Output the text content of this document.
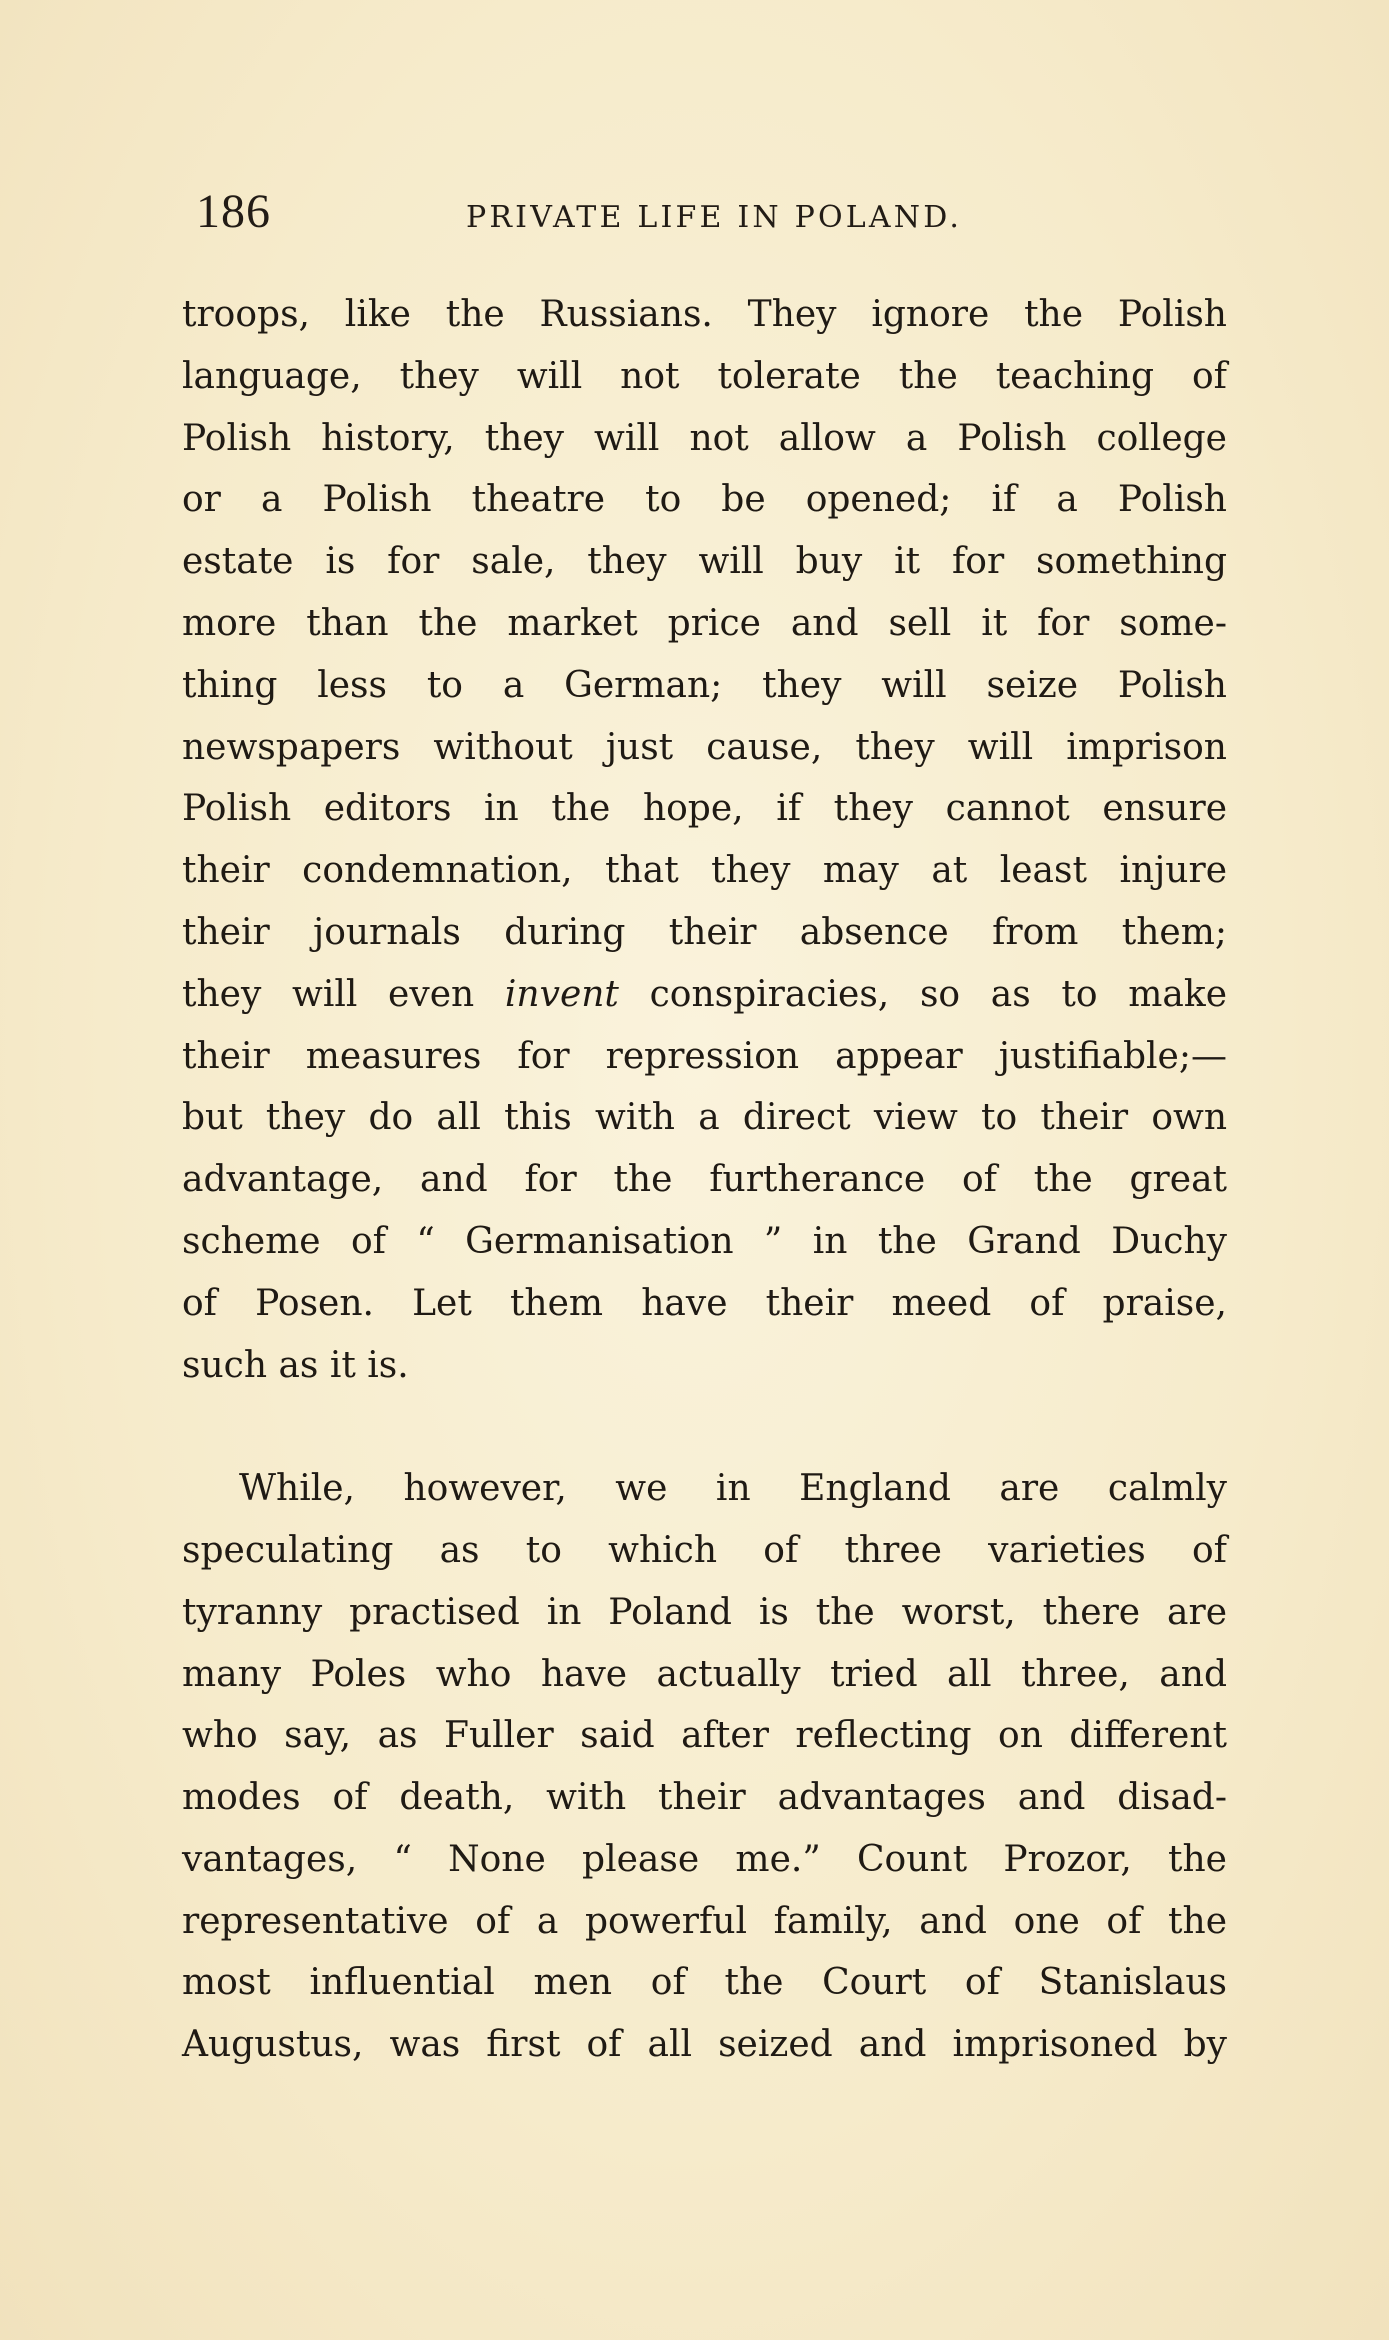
186	PRIVATE LIFE IN POLAND.
troops, like the Russians. They ignore the Polish
language, they will not tolerate the teaching of
Polish history, they will not allow a Polish college
or a Polish theatre to be opened; if a Polish
estate is for sale, they will buy it for something
more than the market price and sell it for some-
thing less to a German; they will seize Polish
newspapers without just cause, they will imprison
Polish editors in the hope, if they cannot ensure
their condemnation, that they may at least injure
their journals during their absence from them;
they will even invent conspiracies, so as to make
their measures for repression appear justifiable;—
but they do all this with a direct view to their own
advantage, and for the furtherance of the great
scheme of “ Germanisation ” in the Grand Duchy
of Posen. Let them have their meed of praise,
such as it is.
While, however, we in England are calmly
speculating as to which of three varieties of
tyranny practised in Poland is the worst, there are
many Poles who have actually tried all three, and
who say, as Fuller said after reflecting on different
modes of death, with their advantages and disad-
vantages, “ None please me.” Count Prozor, the
representative of a powerful family, and one of the
most influential men of the Court of Stanislaus
Augustus, was first of all seized and imprisoned by
